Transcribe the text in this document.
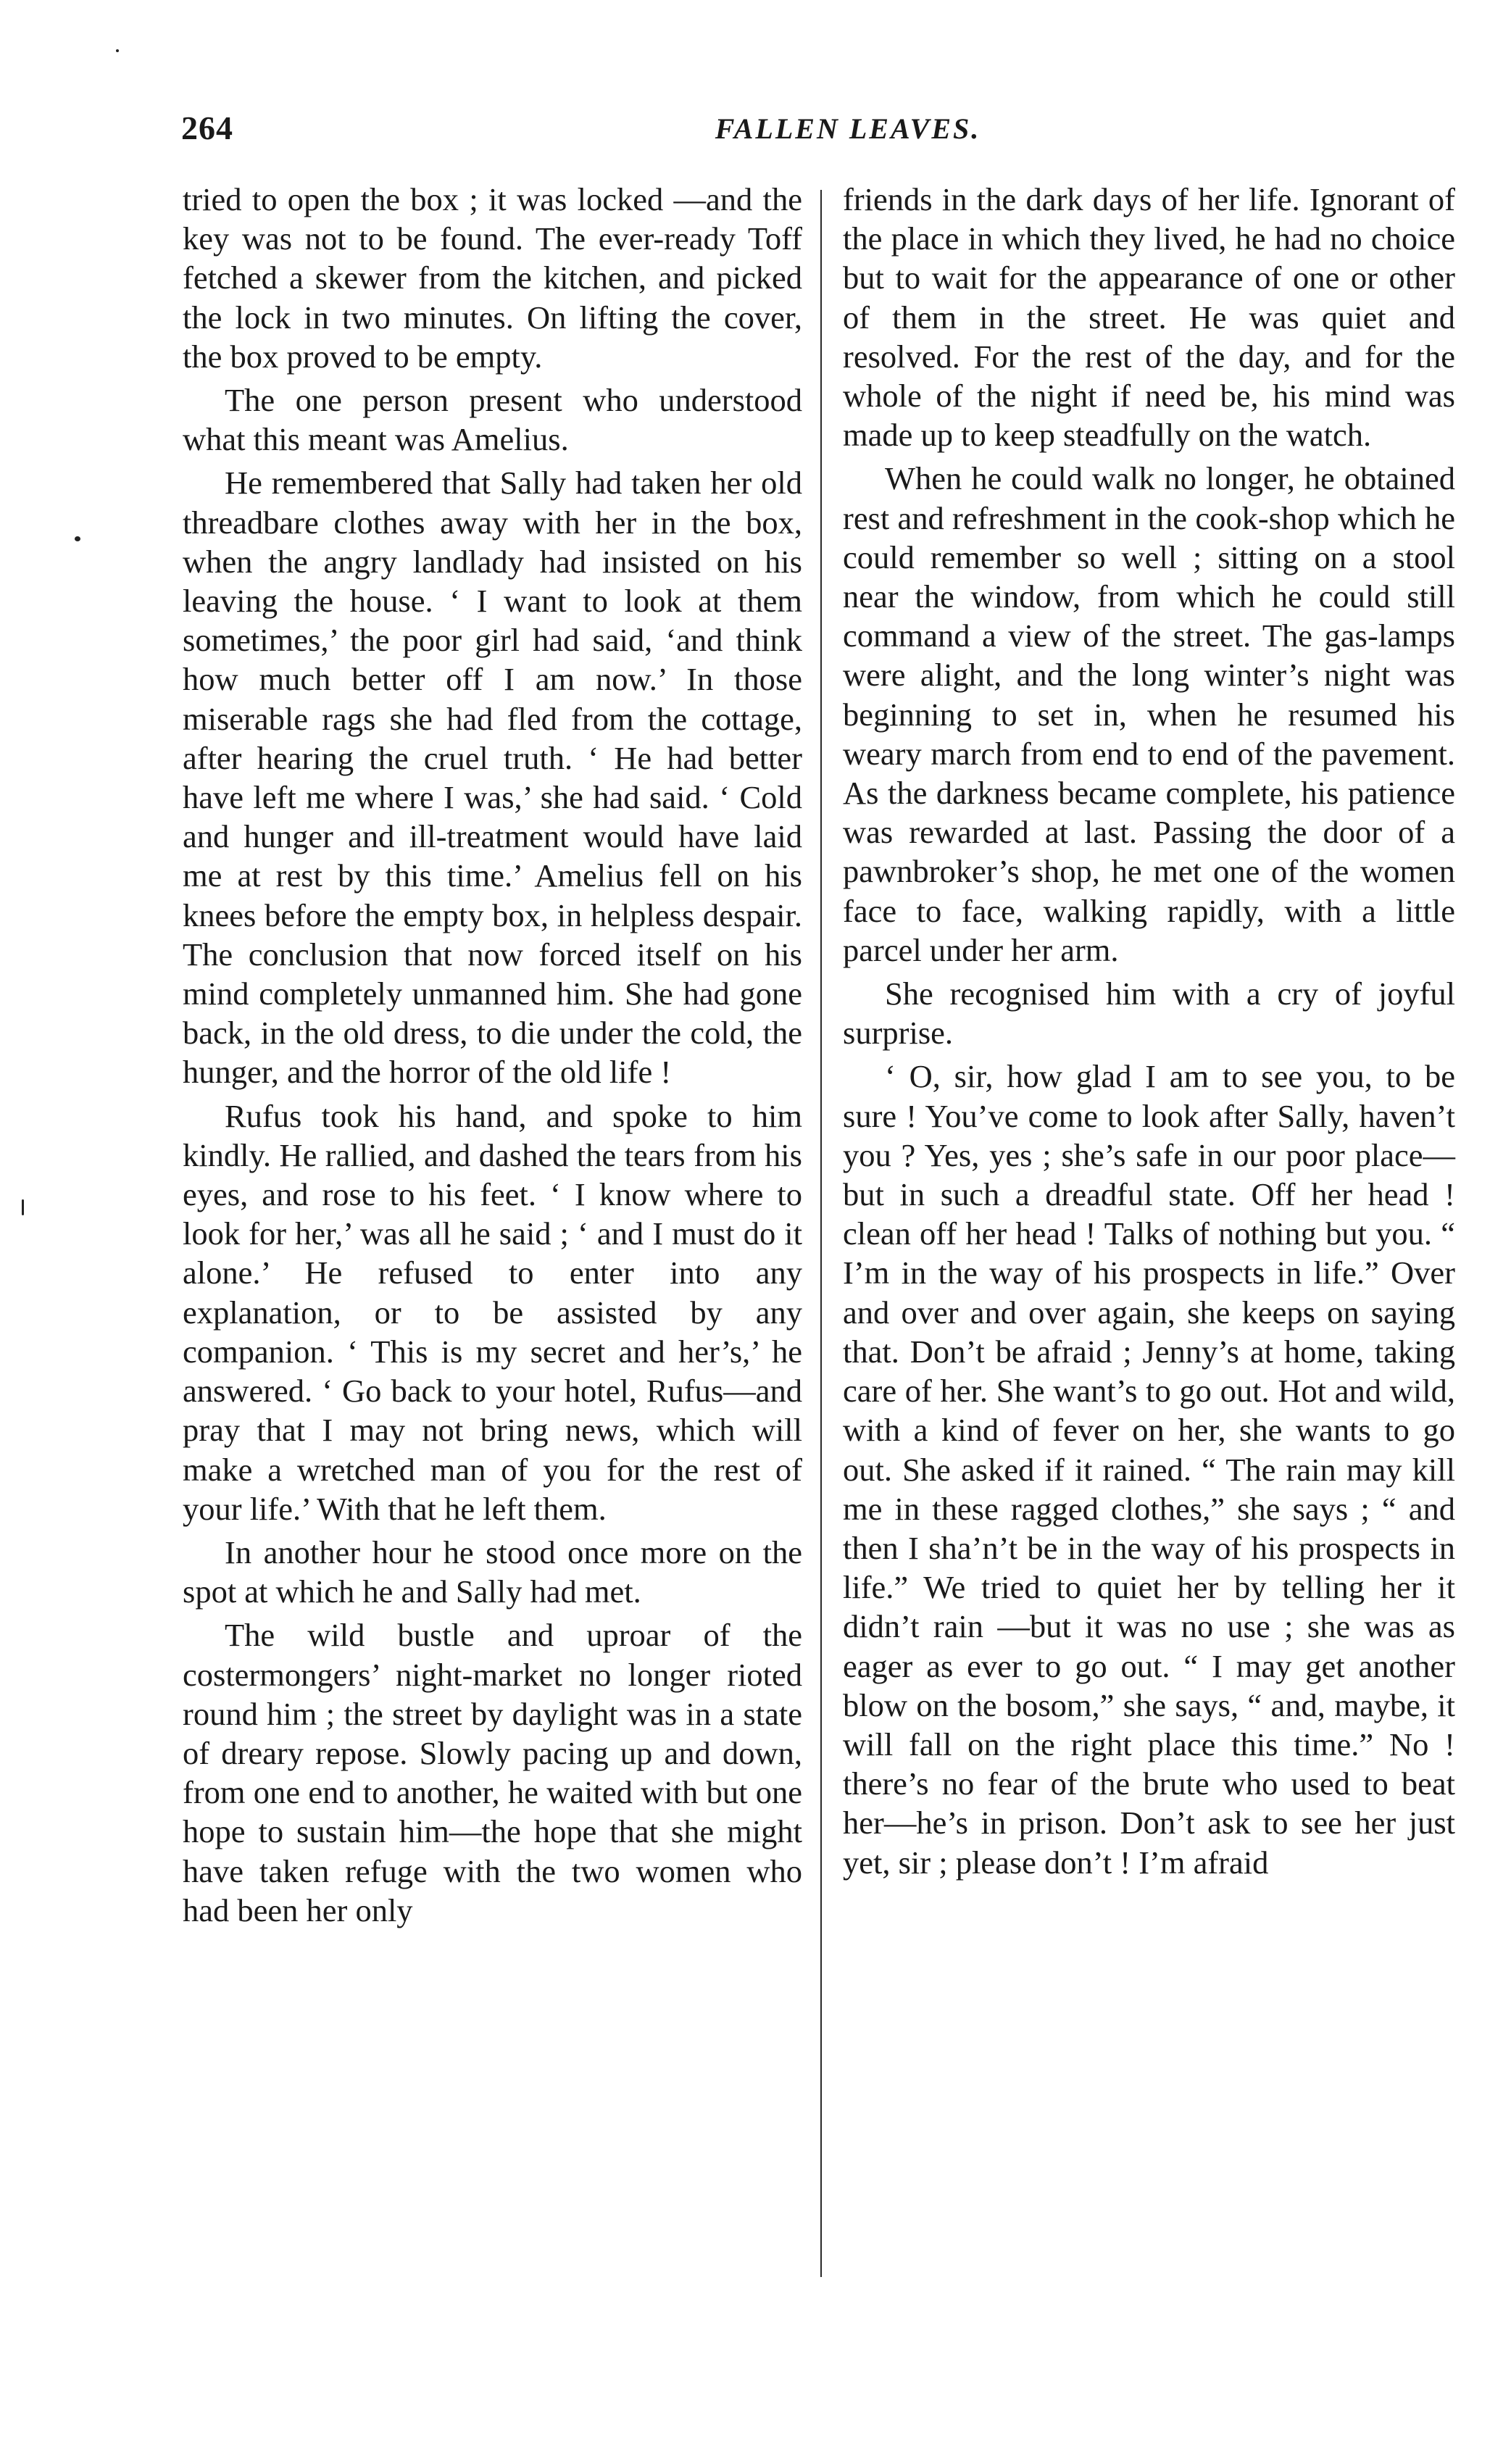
264	FALLEN LEAVES.

tried to open the box ; it was locked —and the key was not to be found. The ever-ready Toff fetched a skewer from the kitchen, and picked the lock in two minutes. On lifting the cover, the box proved to be empty.

The one person present who understood what this meant was Amelius.

He remembered that Sally had taken her old threadbare clothes away with her in the box, when the angry landlady had insisted on his leaving the house. ‘ I want to look at them sometimes,’ the poor girl had said, ‘and think how much better off I am now.’ In those miserable rags she had fled from the cottage, after hearing the cruel truth. ‘ He had better have left me where I was,’ she had said. ‘ Cold and hunger and ill-treatment would have laid me at rest by this time.’ Amelius fell on his knees before the empty box, in helpless despair. The conclusion that now forced itself on his mind completely unmanned him. She had gone back, in the old dress, to die under the cold, the hunger, and the horror of the old life !

Rufus took his hand, and spoke to him kindly. He rallied, and dashed the tears from his eyes, and rose to his feet. ‘ I know where to look for her,’ was all he said ; ‘ and I must do it alone.’ He refused to enter into any explanation, or to be assisted by any companion. ‘ This is my secret and her’s,’ he answered. ‘ Go back to your hotel, Rufus—and pray that I may not bring news, which will make a wretched man of you for the rest of your life.’ With that he left them.

In another hour he stood once more on the spot at which he and Sally had met.

The wild bustle and uproar of the costermongers’ night-market no longer rioted round him ; the street by daylight was in a state of dreary repose. Slowly pacing up and down, from one end to another, he waited with but one hope to sustain him—the hope that she might have taken refuge with the two women who had been her only

friends in the dark days of her life. Ignorant of the place in which they lived, he had no choice but to wait for the appearance of one or other of them in the street. He was quiet and resolved. For the rest of the day, and for the whole of the night if need be, his mind was made up to keep steadfully on the watch.

When he could walk no longer, he obtained rest and refreshment in the cook-shop which he could remember so well ; sitting on a stool near the window, from which he could still command a view of the street. The gas-lamps were alight, and the long winter’s night was beginning to set in, when he resumed his weary march from end to end of the pavement. As the darkness became complete, his patience was rewarded at last. Passing the door of a pawnbroker’s shop, he met one of the women face to face, walking rapidly, with a little parcel under her arm.

She recognised him with a cry of joyful surprise.

‘ O, sir, how glad I am to see you, to be sure ! You’ve come to look after Sally, haven’t you ? Yes, yes ; she’s safe in our poor place—but in such a dreadful state. Off her head ! clean off her head ! Talks of nothing but you. “ I’m in the way of his prospects in life.” Over and over and over again, she keeps on saying that. Don’t be afraid ; Jenny’s at home, taking care of her. She want’s to go out. Hot and wild, with a kind of fever on her, she wants to go out. She asked if it rained. “ The rain may kill me in these ragged clothes,” she says ; “ and then I sha’n’t be in the way of his prospects in life.” We tried to quiet her by telling her it didn’t rain —but it was no use ; she was as eager as ever to go out. “ I may get another blow on the bosom,” she says, “ and, maybe, it will fall on the right place this time.” No ! there’s no fear of the brute who used to beat her—he’s in prison. Don’t ask to see her just yet, sir ; please don’t ! I’m afraid
